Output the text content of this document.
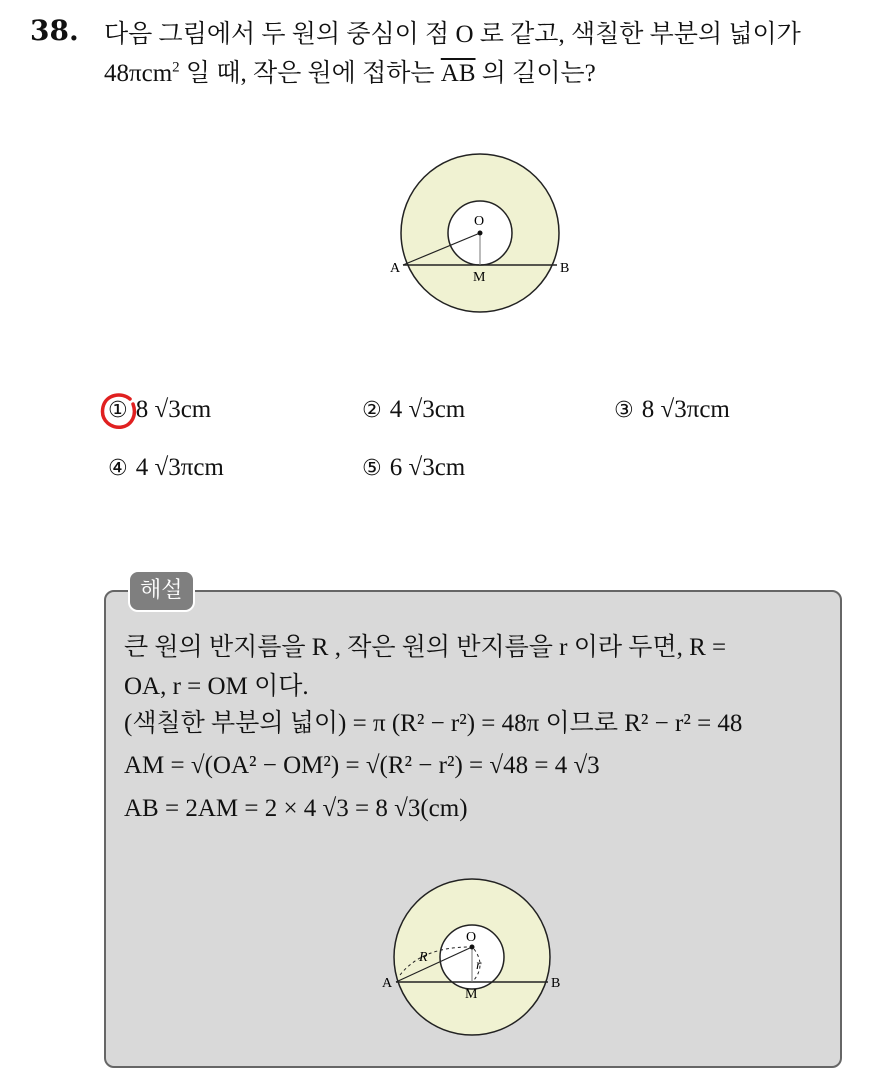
38. 다음 그림에서 두 원의 중심이 점 O 로 같고, 색칠한 부분의 넓이가
48πcm$^2$ 일 때, 작은 원에 접하는 $\overline{AB}$ 의 길이는?
O
A	B
M
① 8 √3cm	② 4 √3cm	③ 8 √3πcm
④ 4 √3πcm	⑤ 6 √3cm
해설
큰 원의 반지름을 R , 작은 원의 반지름을 r 이라 두면, R =
OA, r = OM 이다.
(색칠한 부분의 넓이) = π (R² − r²) = 48π 이므로 R² − r² = 48
AM = √(OA² − OM²) = √(R² − r²) = √48 = 4 √3
AB = 2AM = 2 × 4 √3 = 8 √3(cm)
O
A	B
M
R
r
